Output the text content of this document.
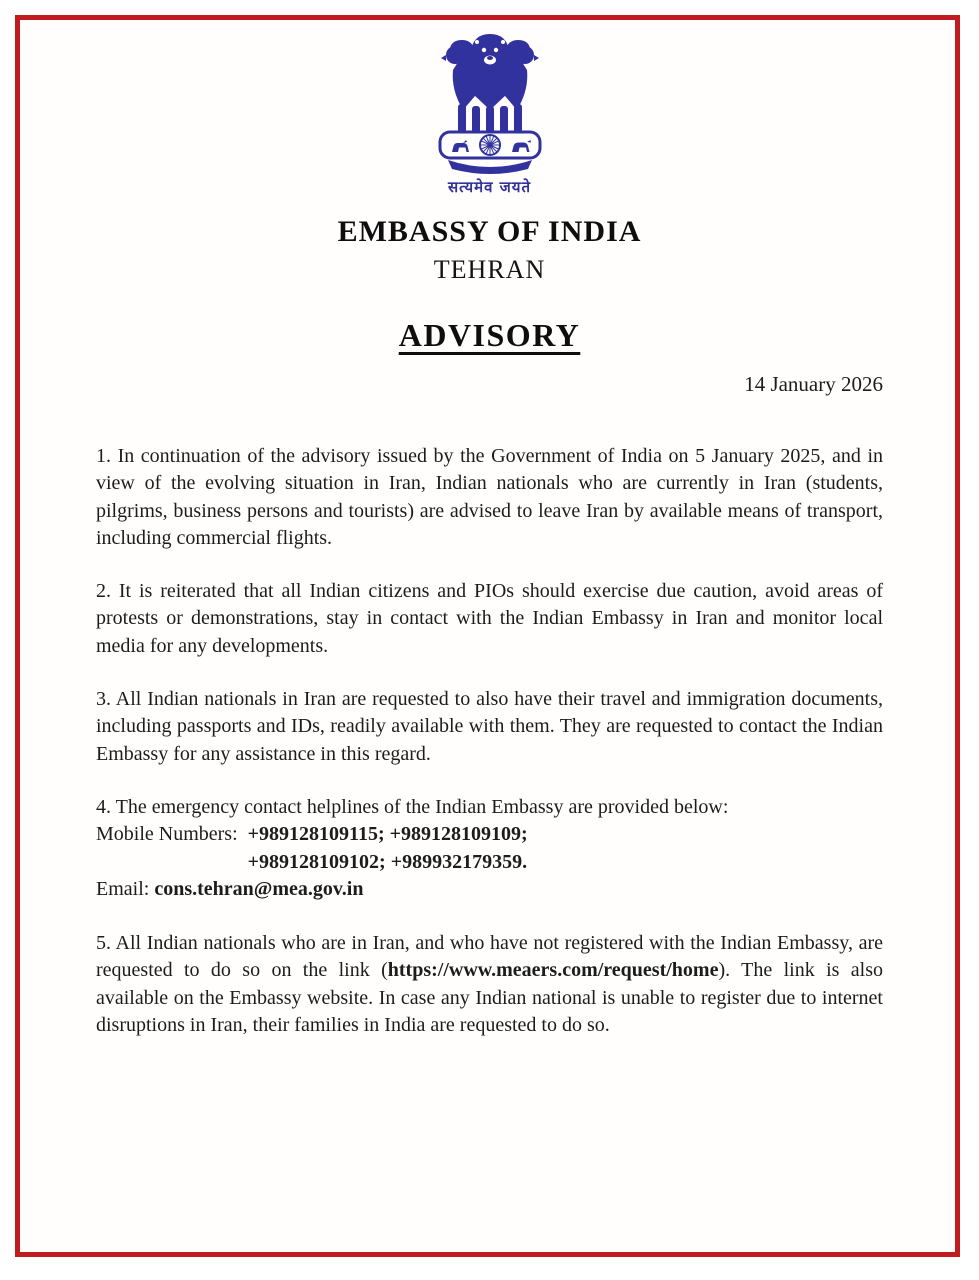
सत्यमेव जयते
EMBASSY OF INDIA
TEHRAN
ADVISORY
14 January 2026

1. In continuation of the advisory issued by the Government of India on 5 January 2025, and in view of the evolving situation in Iran, Indian nationals who are currently in Iran (students, pilgrims, business persons and tourists) are advised to leave Iran by available means of transport, including commercial flights.

2. It is reiterated that all Indian citizens and PIOs should exercise due caution, avoid areas of protests or demonstrations, stay in contact with the Indian Embassy in Iran and monitor local media for any developments.

3. All Indian nationals in Iran are requested to also have their travel and immigration documents, including passports and IDs, readily available with them. They are requested to contact the Indian Embassy for any assistance in this regard.

4. The emergency contact helplines of the Indian Embassy are provided below:
Mobile Numbers: +989128109115; +989128109109;
+989128109102; +989932179359.
Email: cons.tehran@mea.gov.in

5. All Indian nationals who are in Iran, and who have not registered with the Indian Embassy, are requested to do so on the link (https://www.meaers.com/request/home). The link is also available on the Embassy website. In case any Indian national is unable to register due to internet disruptions in Iran, their families in India are requested to do so.
